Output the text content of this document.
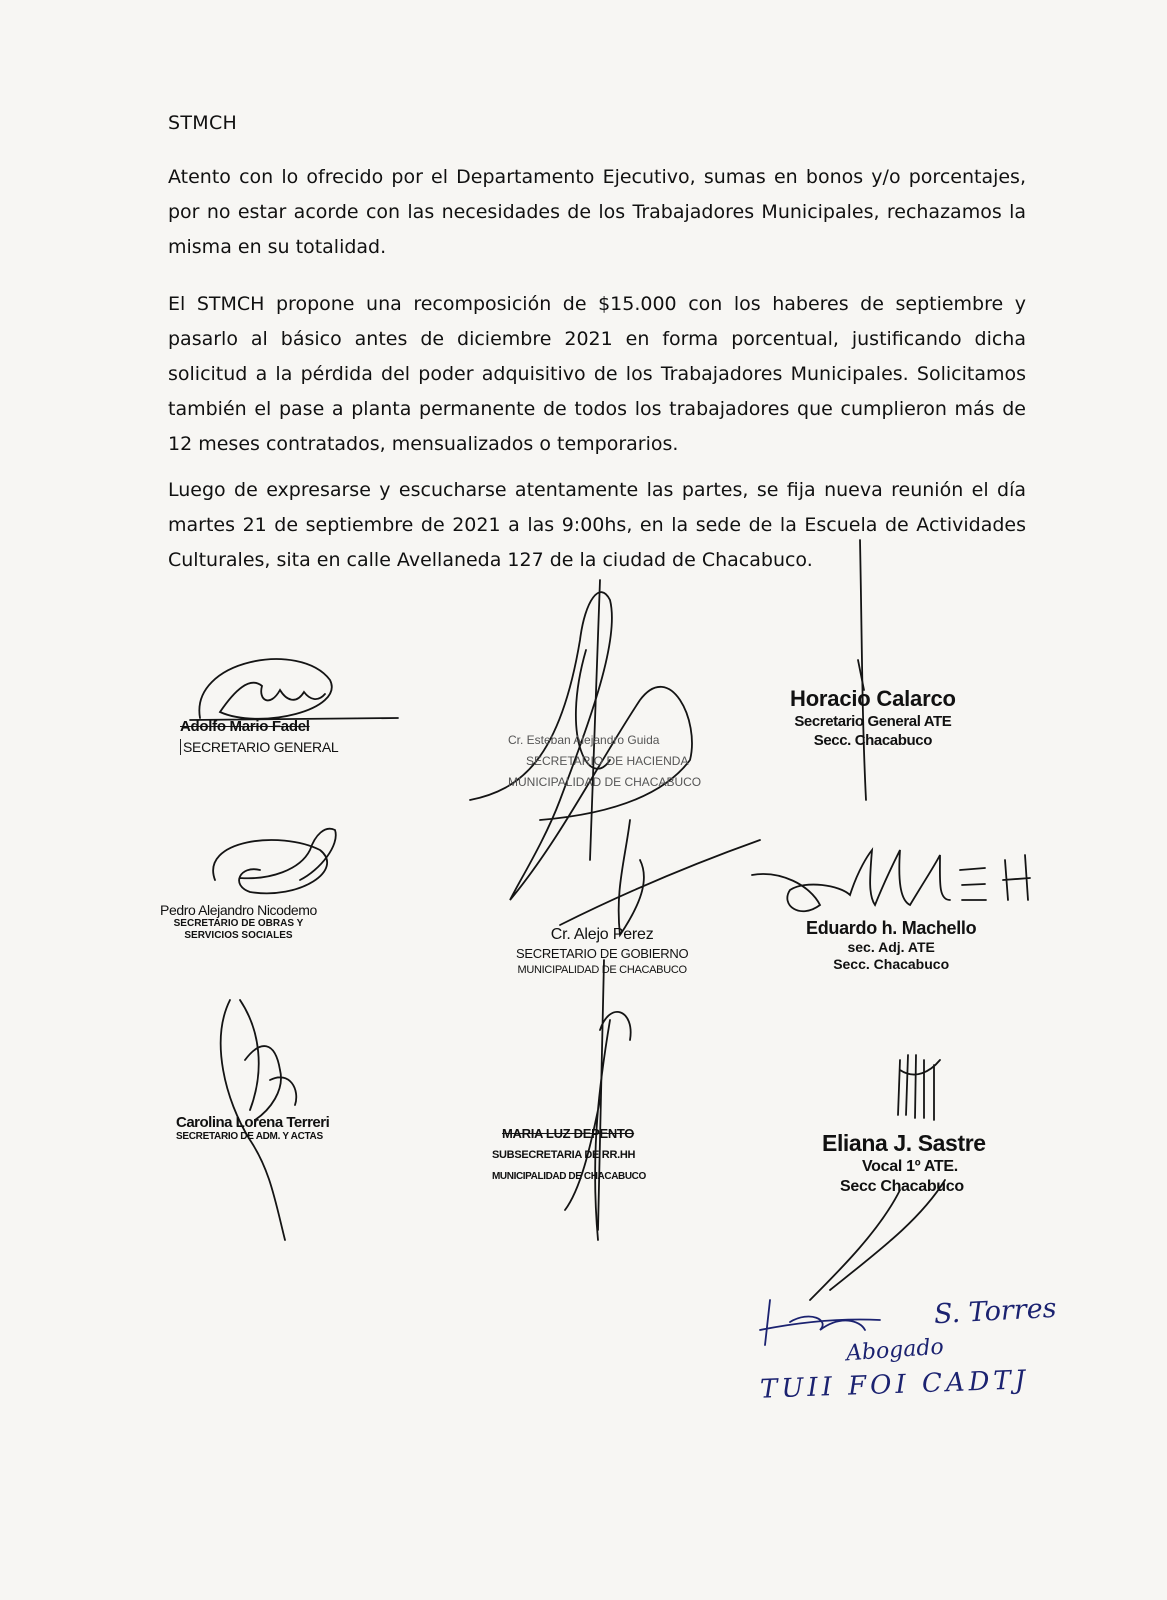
STMCH
Atento con lo ofrecido por el Departamento Ejecutivo, sumas en bonos y/o porcentajes, por no estar acorde con las necesidades de los Trabajadores Municipales, rechazamos la misma en su totalidad.
El STMCH propone una recomposición de $15.000 con los haberes de septiembre y pasarlo al básico antes de diciembre 2021 en forma porcentual, justificando dicha solicitud a la pérdida del poder adquisitivo de los Trabajadores Municipales. Solicitamos también el pase a planta permanente de todos los trabajadores que cumplieron más de 12 meses contratados, mensualizados o temporarios.
Luego de expresarse y escucharse atentamente las partes, se fija nueva reunión el día martes 21 de septiembre de 2021 a las 9:00hs, en la sede de la Escuela de Actividades Culturales, sita en calle Avellaneda 127 de la ciudad de Chacabuco.
Adolfo Mario Fadel
SECRETARIO GENERAL	Cr. Esteban Alejandro Guida
SECRETARIO DE HACIENDA
MUNICIPALIDAD DE CHACABUCO
Horacio Calarco
Secretario General ATE
Secc. Chacabuco
Pedro Alejandro Nicodemo
SECRETARIO DE OBRAS Y
SERVICIOS SOCIALES	Cr. Alejo Perez
SECRETARIO DE GOBIERNO
MUNICIPALIDAD DE CHACABUCO
Eduardo h. Machello
sec. Adj. ATE
Secc. Chacabuco
Carolina Lorena Terreri
SECRETARIO DE ADM. Y ACTAS	MARIA LUZ DEPENTO
SUBSECRETARIA DE RR.HH
MUNICIPALIDAD DE CHACABUCO
Eliana J. Sastre
Vocal 1º ATE.
Secc Chacabuco
S. Torres
Abogado
TUII FOI CADTJ
